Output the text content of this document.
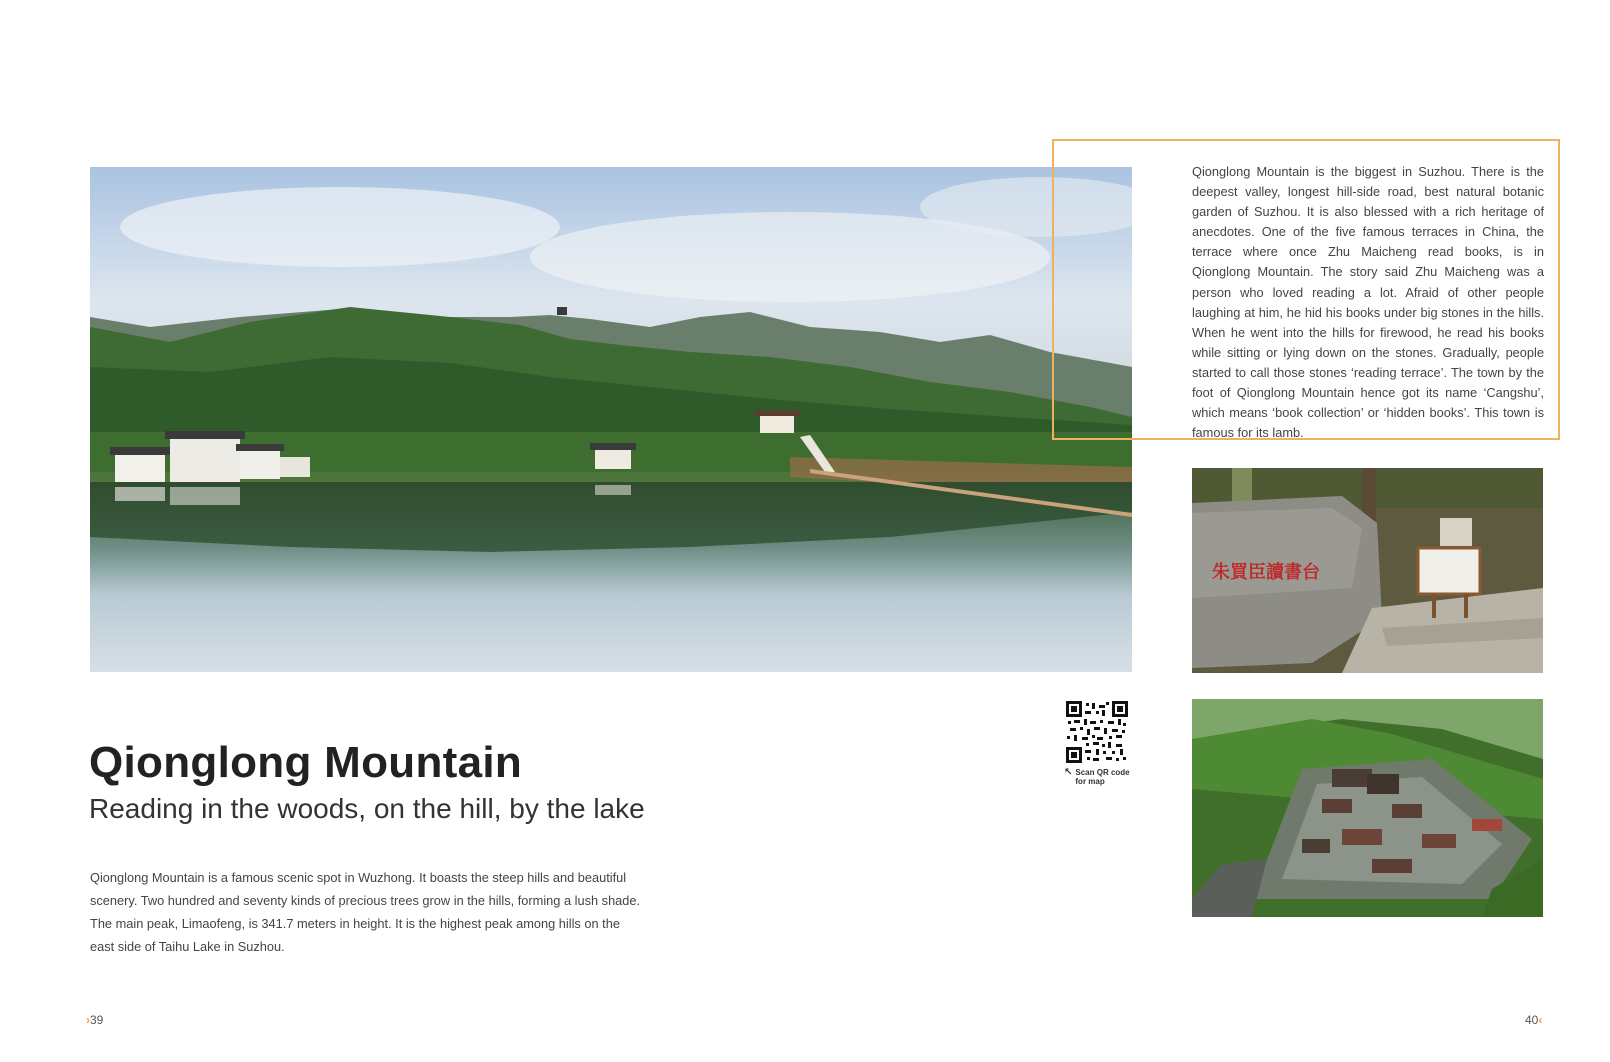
Qionglong Mountain is the biggest in Suzhou. There is the deepest valley, longest hill-side road, best natural botanic garden of Suzhou. It is also blessed with a rich heritage of anecdotes. One of the five famous terraces in China, the terrace where once Zhu Maicheng read books, is in Qionglong Mountain. The story said Zhu Maicheng was a person who loved reading a lot. Afraid of other people laughing at him, he hid his books under big stones in the hills. When he went into the hills for firewood, he read his books while sitting or lying down on the stones. Gradually, people started to call those stones ‘reading terrace’. The town by the foot of Qionglong Mountain hence got its name ‘Cangshu’, which means ‘book collection’ or ‘hidden books’. This town is famous for its lamb.

朱買臣讀書台
↖ Scan QR code for map
Qionglong Mountain
Reading in the woods, on the hill, by the lake

Qionglong Mountain is a famous scenic spot in Wuzhong. It boasts the steep hills and beautiful scenery. Two hundred and seventy kinds of precious trees grow in the hills, forming a lush shade. The main peak, Limaofeng, is 341.7 meters in height. It is the highest peak among hills on the east side of Taihu Lake in Suzhou.

›39	40‹
